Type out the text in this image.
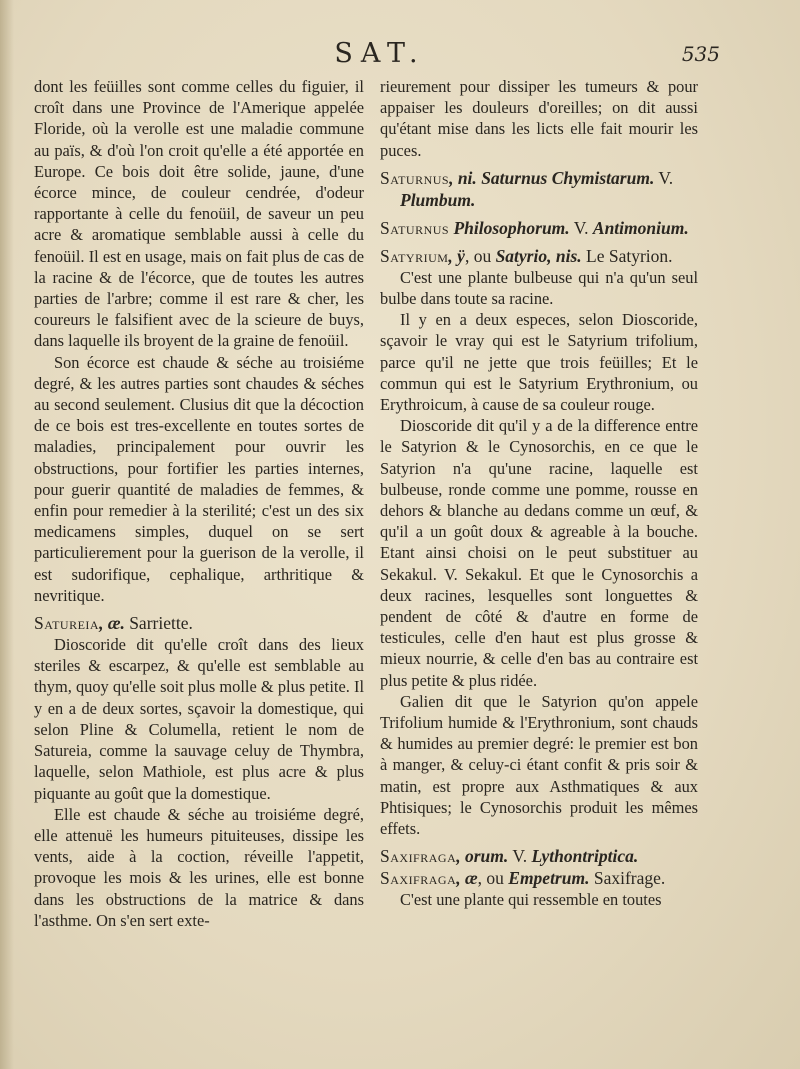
SAT.	535

dont les feüilles sont comme celles du figuier, il croît dans une Province de l'Amerique appelée Floride, où la verolle est une maladie commune au païs, & d'où l'on croit qu'elle a été apportée en Europe. Ce bois doit être solide, jaune, d'une écorce mince, de couleur cendrée, d'odeur rapportante à celle du fenoüil, de saveur un peu acre & aromatique semblable aussi à celle du fenoüil. Il est en usage, mais on fait plus de cas de la racine & de l'écorce, que de toutes les autres parties de l'arbre; comme il est rare & cher, les coureurs le falsifient avec de la scieure de buys, dans laquelle ils broyent de la graine de fenoüil.

Son écorce est chaude & séche au troisiéme degré, & les autres parties sont chaudes & séches au second seulement. Clusius dit que la décoction de ce bois est tres-excellente en toutes sortes de maladies, principalement pour ouvrir les obstructions, pour fortifier les parties internes, pour guerir quantité de maladies de femmes, & enfin pour remedier à la sterilité; c'est un des six medicamens simples, duquel on se sert particulierement pour la guerison de la verolle, il est sudorifique, cephalique, arthritique & nevritique.

Satureia, æ. Sarriette.

Dioscoride dit qu'elle croît dans des lieux steriles & escarpez, & qu'elle est semblable au thym, quoy qu'elle soit plus molle & plus petite. Il y en a de deux sortes, sçavoir la domestique, qui selon Pline & Columella, retient le nom de Satureia, comme la sauvage celuy de Thymbra, laquelle, selon Mathiole, est plus acre & plus piquante au goût que la domestique.

Elle est chaude & séche au troisiéme degré, elle attenuë les humeurs pituiteuses, dissipe les vents, aide à la coction, réveille l'appetit, provoque les mois & les urines, elle est bonne dans les obstructions de la matrice & dans l'asthme. On s'en sert exte-

rieurement pour dissiper les tumeurs & pour appaiser les douleurs d'oreilles; on dit aussi qu'étant mise dans les licts elle fait mourir les puces.

Saturnus, ni. Saturnus Chymistarum. V. Plumbum.

Saturnus Philosophorum. V. Antimonium.

Satyrium, ÿ, ou Satyrio, nis. Le Satyrion.

C'est une plante bulbeuse qui n'a qu'un seul bulbe dans toute sa racine.

Il y en a deux especes, selon Dioscoride, sçavoir le vray qui est le Satyrium trifolium, parce qu'il ne jette que trois feüilles; Et le commun qui est le Satyrium Erythronium, ou Erythroicum, à cause de sa couleur rouge.

Dioscoride dit qu'il y a de la difference entre le Satyrion & le Cynosorchis, en ce que le Satyrion n'a qu'une racine, laquelle est bulbeuse, ronde comme une pomme, rousse en dehors & blanche au dedans comme un œuf, & qu'il a un goût doux & agreable à la bouche. Etant ainsi choisi on le peut substituer au Sekakul. V. Sekakul. Et que le Cynosorchis a deux racines, lesquelles sont longuettes & pendent de côté & d'autre en forme de testicules, celle d'en haut est plus grosse & mieux nourrie, & celle d'en bas au contraire est plus petite & plus ridée.

Galien dit que le Satyrion qu'on appele Trifolium humide & l'Erythronium, sont chauds & humides au premier degré: le premier est bon à manger, & celuy-ci étant confit & pris soir & matin, est propre aux Asthmatiques & aux Phtisiques; le Cynosorchis produit les mêmes effets.

Saxifraga, orum. V. Lythontriptica.

Saxifraga, æ, ou Empetrum. Saxifrage.

C'est une plante qui ressemble en toutes
